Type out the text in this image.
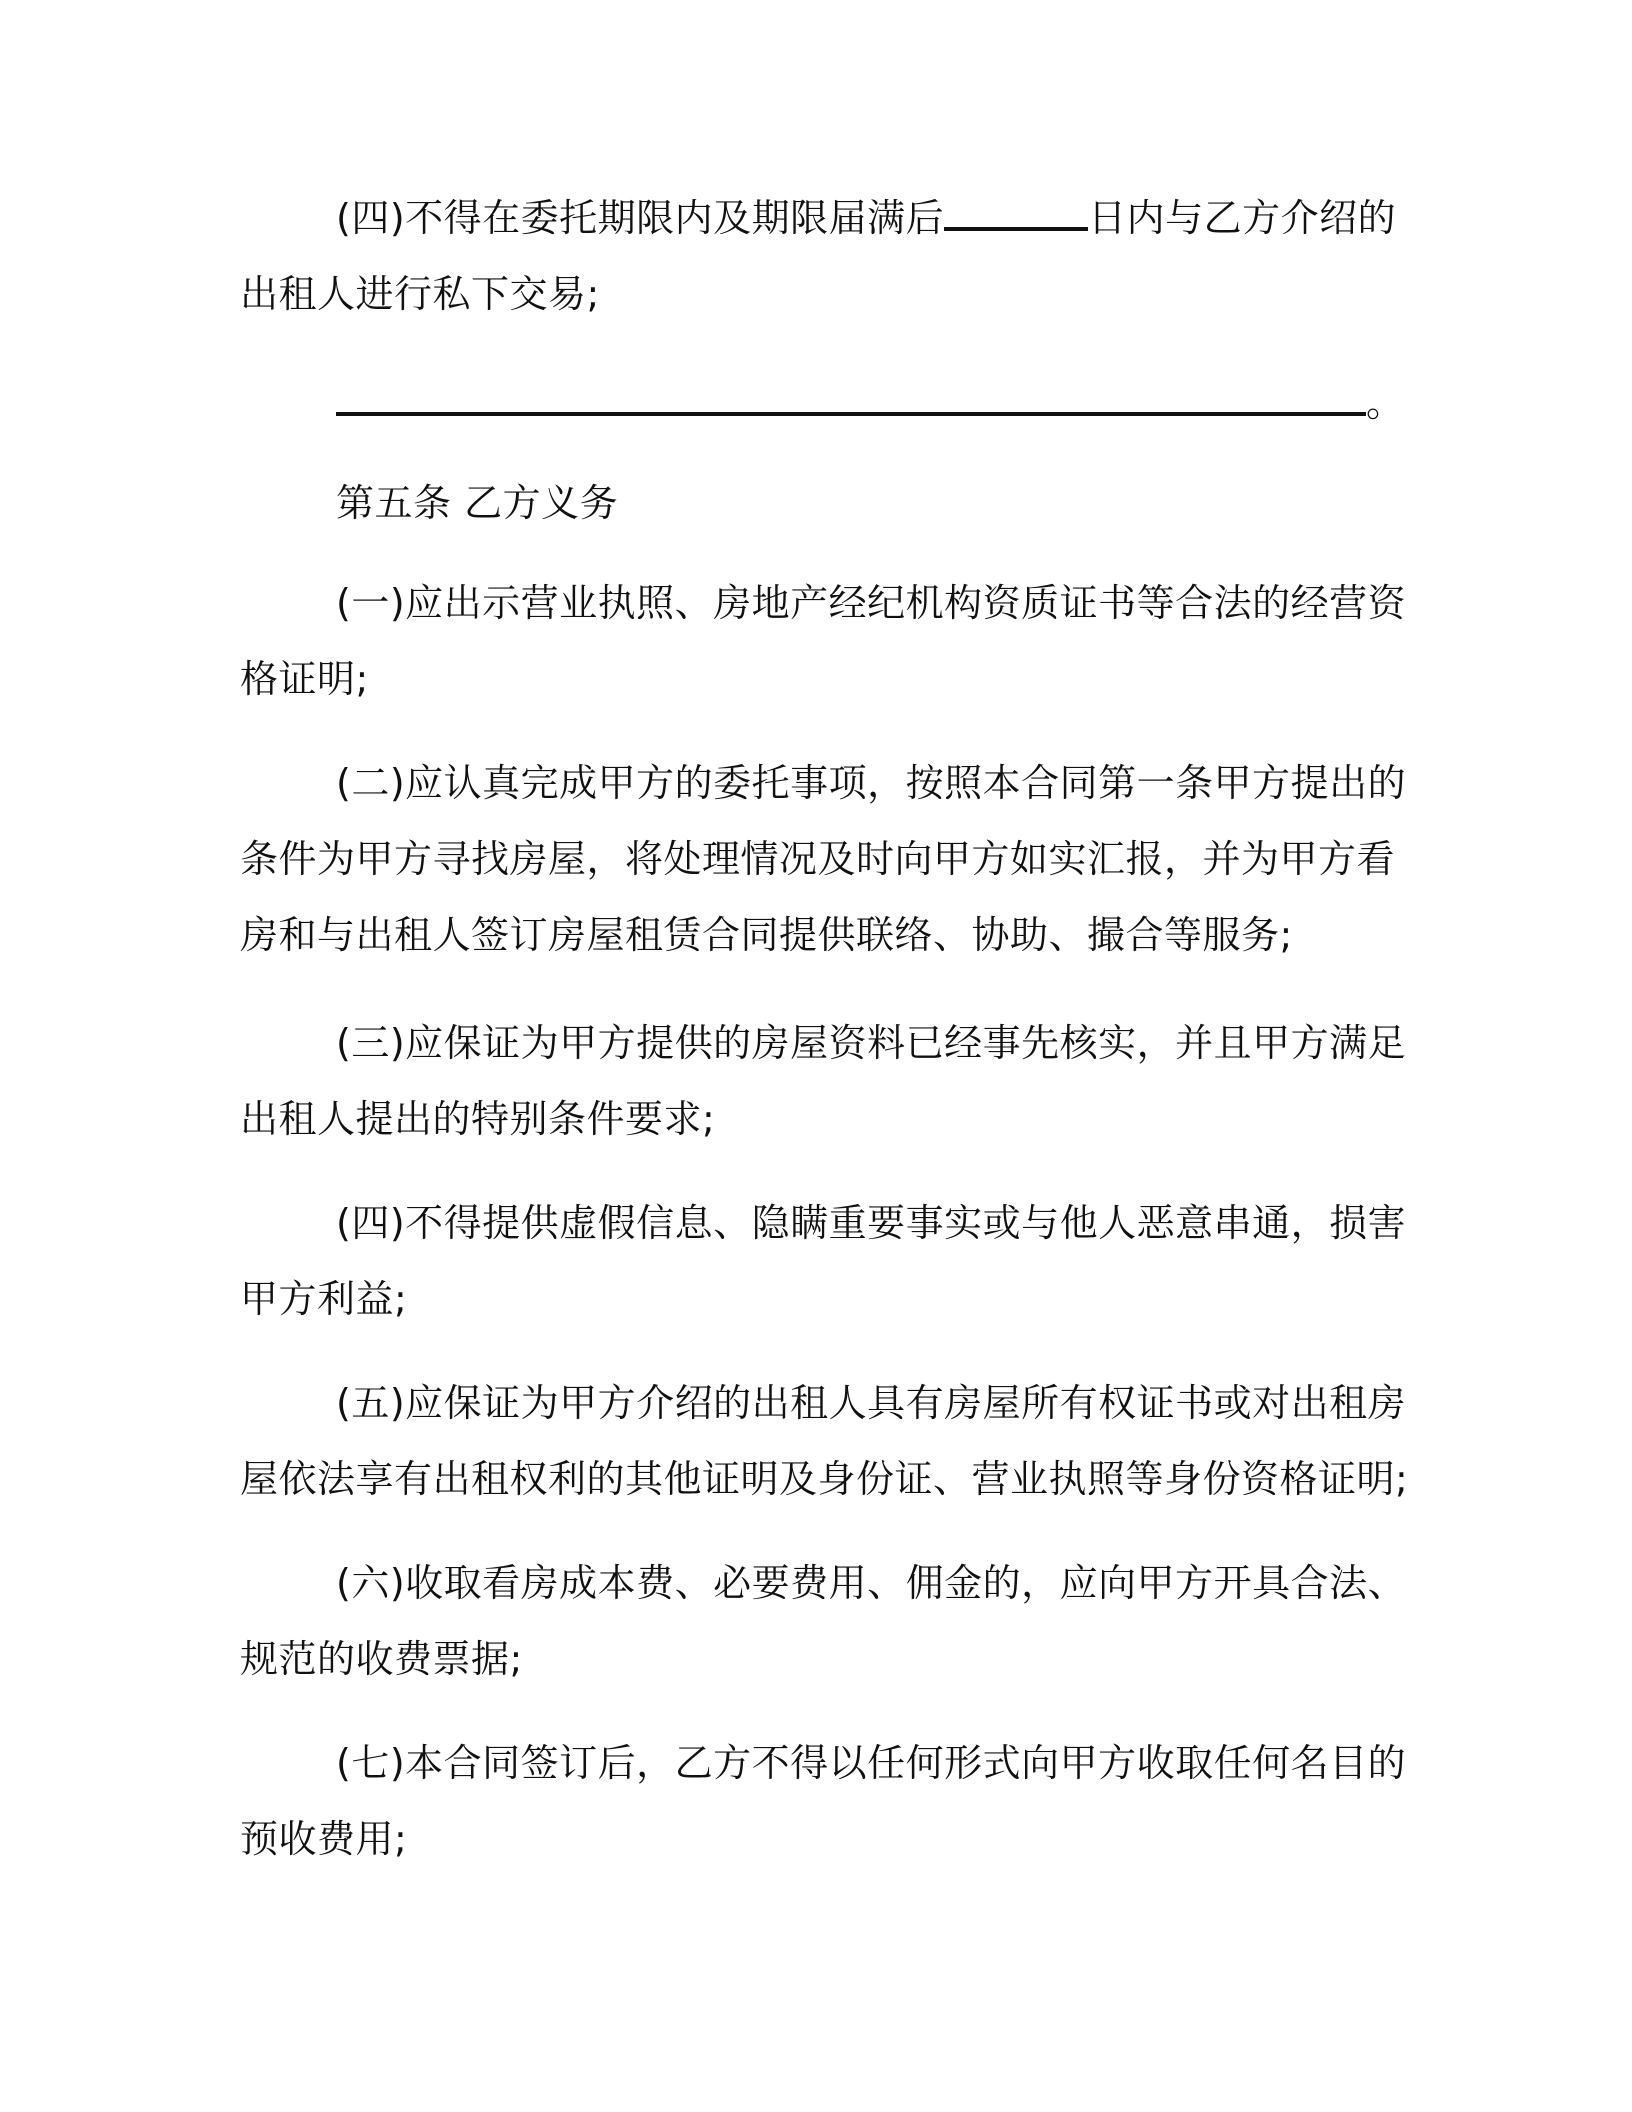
(四)不得在委托期限内及期限届满后	日内与乙方介绍的
出租人进行私下交易;
。
第五条 乙方义务
(一)应出示营业执照、房地产经纪机构资质证书等合法的经营资
格证明;
(二)应认真完成甲方的委托事项，按照本合同第一条甲方提出的
条件为甲方寻找房屋，将处理情况及时向甲方如实汇报，并为甲方看
房和与出租人签订房屋租赁合同提供联络、协助、撮合等服务;
(三)应保证为甲方提供的房屋资料已经事先核实，并且甲方满足
出租人提出的特别条件要求;
(四)不得提供虚假信息、隐瞒重要事实或与他人恶意串通，损害
甲方利益;
(五)应保证为甲方介绍的出租人具有房屋所有权证书或对出租房
屋依法享有出租权利的其他证明及身份证、营业执照等身份资格证明;
(六)收取看房成本费、必要费用、佣金的，应向甲方开具合法、
规范的收费票据;
(七)本合同签订后，乙方不得以任何形式向甲方收取任何名目的
预收费用;
